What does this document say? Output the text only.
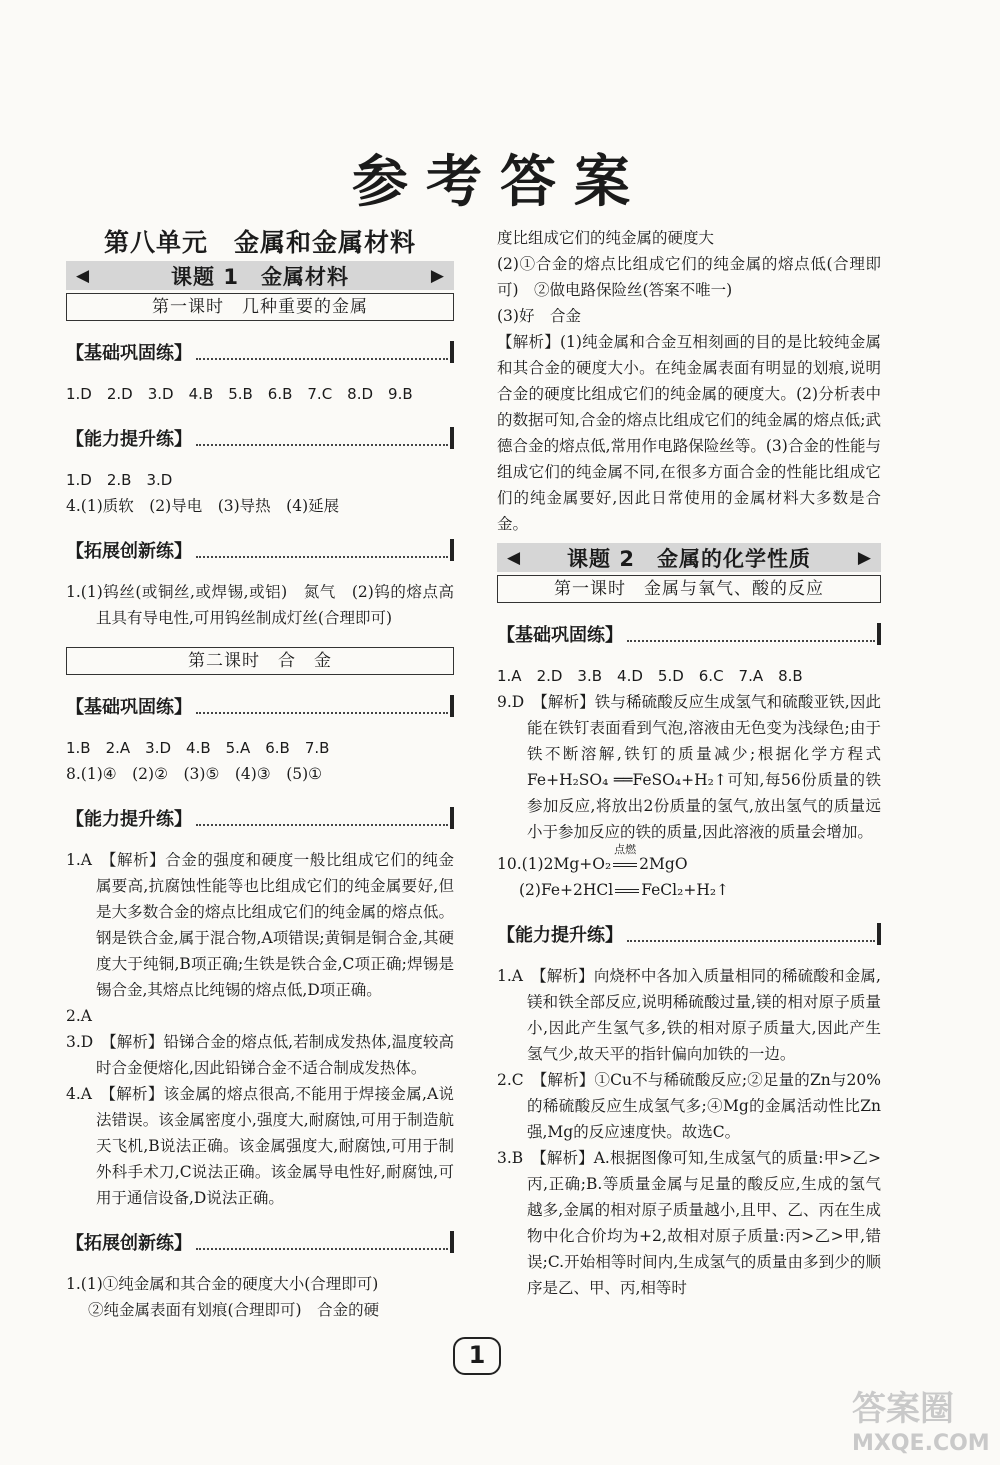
参考答案
第八单元　金属和金属材料
◀	课题 1　金属材料	▶
第一课时　几种重要的金属
【基础巩固练】
1.D　2.D　3.D　4.B　5.B　6.B　7.C　8.D　9.B
【能力提升练】
1.D　2.B　3.D
4.(1)质软　(2)导电　(3)导热　(4)延展
【拓展创新练】
1.(1)钨丝(或铜丝,或焊锡,或铝)　氮气　(2)钨的熔点高且具有导电性,可用钨丝制成灯丝(合理即可)
第二课时　合　金
【基础巩固练】
1.B　2.A　3.D　4.B　5.A　6.B　7.B
8.(1)④　(2)②　(3)⑤　(4)③　(5)①
【能力提升练】
1.A　【解析】合金的强度和硬度一般比组成它们的纯金属要高,抗腐蚀性能等也比组成它们的纯金属要好,但是大多数合金的熔点比组成它们的纯金属的熔点低。钢是铁合金,属于混合物,A项错误;黄铜是铜合金,其硬度大于纯铜,B项正确;生铁是铁合金,C项正确;焊锡是锡合金,其熔点比纯锡的熔点低,D项正确。
2.A
3.D　【解析】铅锑合金的熔点低,若制成发热体,温度较高时合金便熔化,因此铅锑合金不适合制成发热体。
4.A　【解析】该金属的熔点很高,不能用于焊接金属,A说法错误。该金属密度小,强度大,耐腐蚀,可用于制造航天飞机,B说法正确。该金属强度大,耐腐蚀,可用于制外科手术刀,C说法正确。该金属导电性好,耐腐蚀,可用于通信设备,D说法正确。
【拓展创新练】
1.(1)①纯金属和其合金的硬度大小(合理即可)
②纯金属表面有划痕(合理即可)　合金的硬
度比组成它们的纯金属的硬度大
(2)①合金的熔点比组成它们的纯金属的熔点低(合理即可)　②做电路保险丝(答案不唯一)
(3)好　合金
【解析】(1)纯金属和合金互相刻画的目的是比较纯金属和其合金的硬度大小。在纯金属表面有明显的划痕,说明合金的硬度比组成它们的纯金属的硬度大。(2)分析表中的数据可知,合金的熔点比组成它们的纯金属的熔点低;武德合金的熔点低,常用作电路保险丝等。(3)合金的性能与组成它们的纯金属不同,在很多方面合金的性能比组成它们的纯金属要好,因此日常使用的金属材料大多数是合金。
◀ 课题 2　金属的化学性质	▶
第一课时　金属与氧气、酸的反应
【基础巩固练】
1.A　2.D　3.B　4.D　5.D　6.C　7.A　8.B
9.D　【解析】铁与稀硫酸反应生成氢气和硫酸亚铁,因此能在铁钉表面看到气泡,溶液由无色变为浅绿色;由于铁不断溶解,铁钉的质量减少;根据化学方程式 Fe+H₂SO₄ ══FeSO₄+H₂↑可知,每56份质量的铁参加反应,将放出2份质量的氢气,放出氢气的质量远小于参加反应的铁的质量,因此溶液的质量会增加。
10.(1)2Mg+O₂
点燃
2MgO
(2)Fe+2HCl FeCl₂+H₂↑
【能力提升练】
1.A　【解析】向烧杯中各加入质量相同的稀硫酸和金属,镁和铁全部反应,说明稀硫酸过量,镁的相对原子质量小,因此产生氢气多,铁的相对原子质量大,因此产生氢气少,故天平的指针偏向加铁的一边。
2.C　【解析】①Cu不与稀硫酸反应;②足量的Zn与20%的稀硫酸反应生成氢气多;④Mg的金属活动性比Zn强,Mg的反应速度快。故选C。
3.B　【解析】A.根据图像可知,生成氢气的质量:甲>乙>丙,正确;B.等质量金属与足量的酸反应,生成的氢气越多,金属的相对原子质量越小,且甲、乙、丙在生成物中化合价均为+2,故相对原子质量:丙>乙>甲,错误;C.开始相等时间内,生成氢气的质量由多到少的顺序是乙、甲、丙,相等时
1
答案圈
MXQE.COM
